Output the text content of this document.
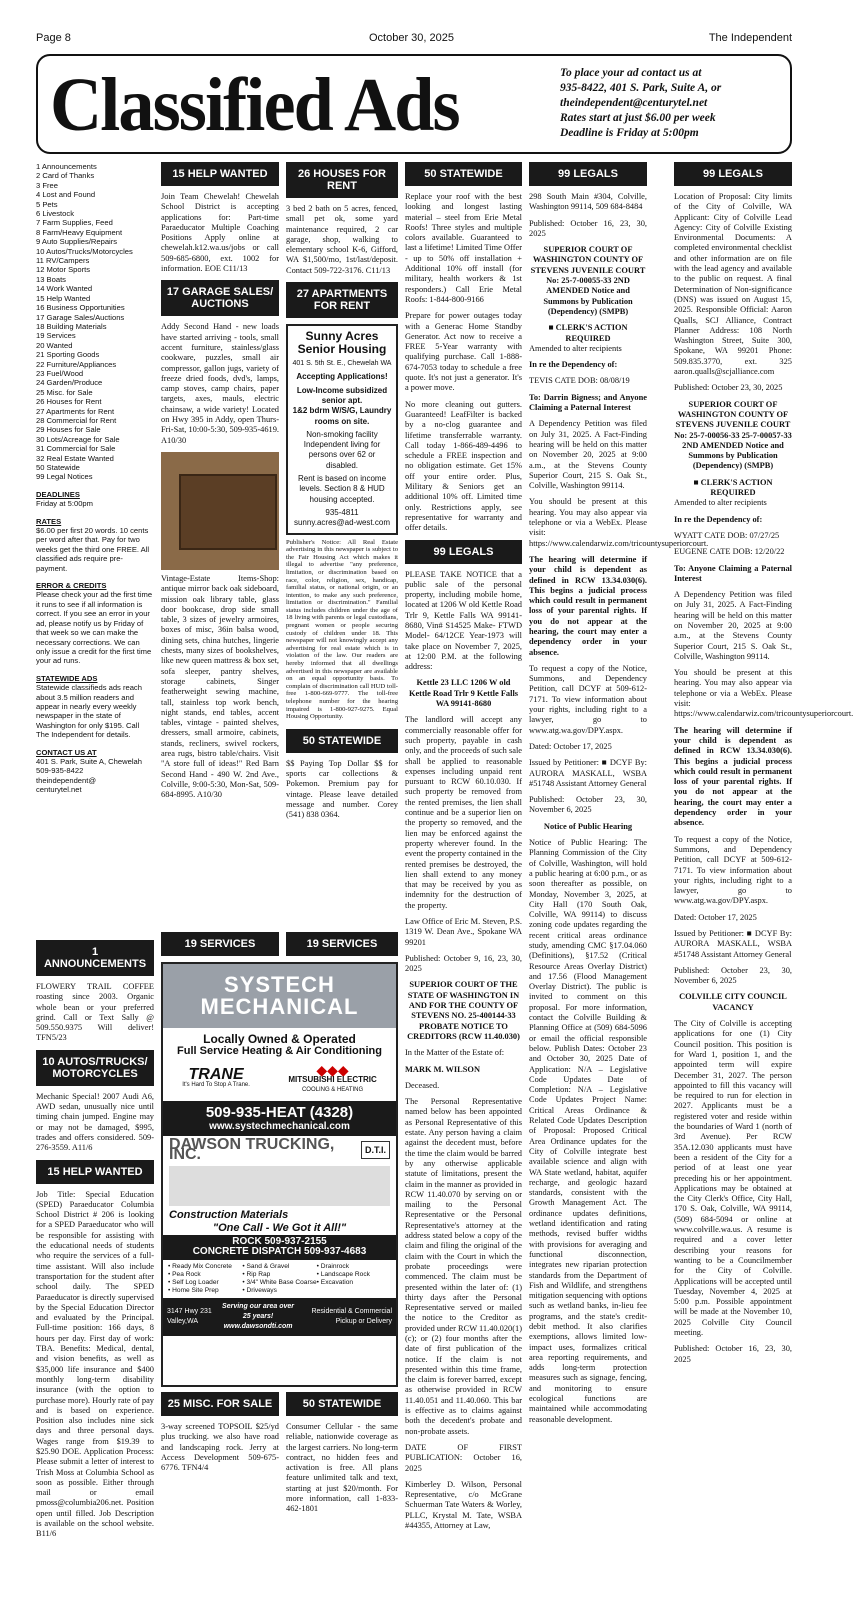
Page 8	October 30, 2025	The Independent
Classified Ads	To place your ad contact us at
935-8422, 401 S. Park, Suite A, or
theindependent@centurytel.net
Rates start at just $6.00 per week
Deadline is Friday at 5:00pm
1 Announcements
2 Card of Thanks
3 Free
4 Lost and Found
5 Pets
6 Livestock
7 Farm Supplies, Feed
8 Farm/Heavy Equipment
9 Auto Supplies/Repairs
10 Autos/Trucks/Motorcycles
11 RV/Campers
12 Motor Sports
13 Boats
14 Work Wanted
15 Help Wanted
16 Business Opportunities
17 Garage Sales/Auctions
18 Building Materials
19 Services
20 Wanted
21 Sporting Goods
22 Furniture/Appliances
23 Fuel/Wood
24 Garden/Produce
25 Misc. for Sale
26 Houses for Rent
27 Apartments for Rent
28 Commercial for Rent
29 Houses for Sale
30 Lots/Acreage for Sale
31 Commercial for Sale
32 Real Estate Wanted
50 Statewide
99 Legal Notices
DEADLINES
Friday at 5:00pm
RATES
$6.00 per first 20 words. 10 cents per word after that. Pay for two weeks get the third one FREE. All classified ads require pre-payment.
ERROR & CREDITS
Please check your ad the first time it runs to see if all information is correct. If you see an error in your ad, please notify us by Friday of that week so we can make the necessary corrections. We can only issue a credit for the first time your ad runs.
STATEWIDE ADS
Statewide classifieds ads reach about 3.5 million readers and appear in nearly every weekly newspaper in the state of Washington for only $195. Call The Independent for details.
CONTACT US AT
401 S. Park, Suite A, Chewelah
509-935-8422
theindependent@
centurytel.net
1 ANNOUNCEMENTS
FLOWERY TRAIL COFFEE roasting since 2003. Organic whole bean or your preferred grind. Call or Text Sally @ 509.550.9375 Will deliver! TFN5/23
10 AUTOS/TRUCKS/ MOTORCYCLES
Mechanic Special! 2007 Audi A6, AWD sedan, unusually nice until timing chain jumped. Engine may or may not be damaged, $995, trades and offers considered. 509-276-3559. A11/6
15 HELP WANTED
Job Title: Special Education (SPED) Paraeducator Columbia School District # 206 is looking for a SPED Paraeducator who will be responsible for assisting with the educational needs of students who require the services of a full-time assistant. Will also include transportation for the student after school daily. The SPED Paraeducator is directly supervised by the Special Education Director and evaluated by the Principal. Full-time position: 166 days, 8 hours per day. First day of work: TBA. Benefits: Medical, dental, and vision benefits, as well as $35,000 life insurance and $400 monthly long-term disability insurance (with the option to purchase more). Hourly rate of pay and is based on experience. Position also includes nine sick days and three personal days. Wages range from $19.39 to $25.90 DOE. Application Process: Please submit a letter of interest to Trish Moss at Columbia School as soon as possible. Either through mail or email pmoss@columbia206.net. Position open until filled. Job Description is available on the school website. B11/6
15 HELP WANTED
Join Team Chewelah! Chewelah School District is accepting applications for: Part-time Paraeducator Multiple Coaching Positions Apply online at chewelah.k12.wa.us/jobs or call 509-685-6800, ext. 1002 for information. EOE C11/13
17 GARAGE SALES/ AUCTIONS
Addy Second Hand - new loads have started arriving - tools, small accent furniture, stainless/glass cookware, puzzles, small air compressor, gallon jugs, variety of freeze dried foods, dvd's, lamps, camp stoves, camp chairs, paper targets, axes, mauls, electric chainsaw, a wide variety! Located on Hwy 395 in Addy, open Thurs-Fri-Sat, 10:00-5:30, 509-935-4619. A10/30
Vintage-Estate Items-Shop: antique mirror back oak sideboard, mission oak library table, glass door bookcase, drop side small table, 3 sizes of jewelry armoires, boxes of misc, 36in balsa wood, dining sets, china hutches, lingerie chests, many sizes of bookshelves, like new queen mattress & box set, sofa sleeper, pantry shelves, storage cabinets, Singer featherweight sewing machine, tall, stainless top work bench, night stands, end tables, accent tables, vintage - painted shelves, dressers, small armoire, cabinets, stands, recliners, swivel rockers, area rugs, bistro table/chairs. Visit "A store full of ideas!" Red Barn Second Hand - 490 W. 2nd Ave., Colville, 9:00-5:30, Mon-Sat, 509-684-8995. A10/30
19 SERVICES	19 SERVICES
SYSTECH MECHANICAL
Locally Owned & Operated
Full Service Heating & Air Conditioning
TRANE
It's Hard To Stop A Trane.
◆◆◆
MITSUBISHI ELECTRIC
COOLING & HEATING
509-935-HEAT (4328)
www.systechmechanical.com
DAWSON TRUCKING, INC.	D.T.I.
Construction Materials
"One Call - We Got it All!"
ROCK 509-937-2155
CONCRETE DISPATCH 509-937-4683
• Ready Mix Concrete	• Sand & Gravel	• Drainrock
• Pea Rock	• Rip Rap	• Landscape Rock
• Self Log Loader	• 3/4" White Base Coarse • Excavation
• Home Site Prep	• Driveways
3147 Hwy 231 Valley,WA
Serving our area over 25 years!
www.dawsondti.com
Residential & Commercial Pickup or Delivery
25 MISC. FOR SALE
3-way screened TOPSOIL $25/yd plus trucking. we also have road and landscaping rock. Jerry at Access Development 509-675-6776. TFN4/4
26 HOUSES FOR RENT
3 bed 2 bath on 5 acres, fenced, small pet ok, some yard maintenance required, 2 car garage, shop, walking to elementary school K-6, Gifford, WA $1,500/mo, 1st/last/deposit. Contact 509-722-3176. C11/13
27 APARTMENTS FOR RENT
Sunny Acres Senior Housing
401 S. 5th St. E., Chewelah WA
Accepting Applications!
Low-Income subsidized senior apt.
1&2 bdrm W/S/G, Laundry rooms on site.
Non-smoking facility Independent living for persons over 62 or disabled.
Rent is based on income levels. Section 8 & HUD housing accepted.
935-4811
sunny.acres@ad-west.com
Publisher's Notice: All Real Estate advertising in this newspaper is subject to the Fair Housing Act which makes it illegal to advertise "any preference, limitation, or discrimination based on race, color, religion, sex, handicap, familial status, or national origin, or an intention, to make any such preference, limitation or discrimination." Familial status includes children under the age of 18 living with parents or legal custodians, pregnant women or people securing custody of children under 18. This newspaper will not knowingly accept any advertising for real estate which is in violation of the law. Our readers are hereby informed that all dwellings advertised in this newspaper are available on an equal opportunity basis. To complain of discrimination call HUD toll-free 1-800-669-9777. The toll-free telephone number for the hearing impaired is 1-800-927-9275. Equal Housing Opportunity.
50 STATEWIDE
$$ Paying Top Dollar $$ for sports car collections & Pokemon. Premium pay for vintage. Please leave detailed message and number. Corey (541) 838 0364.
50 STATEWIDE
Consumer Cellular - the same reliable, nationwide coverage as the largest carriers. No long-term contract, no hidden fees and activation is free. All plans feature unlimited talk and text, starting at just $20/month. For more information, call 1-833-462-1801
50 STATEWIDE
Replace your roof with the best looking and longest lasting material – steel from Erie Metal Roofs! Three styles and multiple colors available. Guaranteed to last a lifetime! Limited Time Offer - up to 50% off installation + Additional 10% off install (for military, health workers & 1st responders.) Call Erie Metal Roofs: 1-844-800-9166
Prepare for power outages today with a Generac Home Standby Generator. Act now to receive a FREE 5-Year warranty with qualifying purchase. Call 1-888-674-7053 today to schedule a free quote. It's not just a generator. It's a power move.
No more cleaning out gutters. Guaranteed! LeafFilter is backed by a no-clog guarantee and lifetime transferrable warranty. Call today 1-866-489-4496 to schedule a FREE inspection and no obligation estimate. Get 15% off your entire order. Plus, Military & Seniors get an additional 10% off. Limited time only. Restrictions apply, see representative for warranty and offer details.
99 LEGALS
PLEASE TAKE NOTICE that a public sale of the personal property, including mobile home, located at 1206 W old Kettle Road Trlr 9, Kettle Falls WA 99141-8680, Vin# S14525 Make- FTWD Model- 64/12CE Year-1973 will take place on November 7, 2025, at 12:00 P.M. at the following address:
Kettle 23 LLC 1206 W old Kettle Road Trlr 9 Kettle Falls WA 99141-8680
The landlord will accept any commercially reasonable offer for such property, payable in cash only, and the proceeds of such sale shall be applied to reasonable expenses including unpaid rent pursuant to RCW 60.10.030. If such property be removed from the rented premises, the lien shall continue and be a superior lien on the property so removed, and the lien may be enforced against the property wherever found. In the event the property contained in the rented premises be destroyed, the lien shall extend to any money that may be received by you as indemnity for the destruction of the property.
Law Office of Eric M. Steven, P.S. 1319 W. Dean Ave., Spokane WA 99201
Published: October 9, 16, 23, 30, 2025
SUPERIOR COURT OF THE STATE OF WASHINGTON IN AND FOR THE COUNTY OF STEVENS NO. 25-400144-33 PROBATE NOTICE TO CREDITORS (RCW 11.40.030)
In the Matter of the Estate of:
MARK M. WILSON
Deceased.
The Personal Representative named below has been appointed as Personal Representative of this estate. Any person having a claim against the decedent must, before the time the claim would be barred by any otherwise applicable statute of limitations, present the claim in the manner as provided in RCW 11.40.070 by serving on or mailing to the Personal Representative or the Personal Representative's attorney at the address stated below a copy of the claim and filing the original of the claim with the Court in which the probate proceedings were commenced. The claim must be presented within the later of: (1) thirty days after the Personal Representative served or mailed the notice to the Creditor as provided under RCW 11.40.020(1)(c); or (2) four months after the date of first publication of the notice. If the claim is not presented within this time frame, the claim is forever barred, except as otherwise provided in RCW 11.40.051 and 11.40.060. This bar is effective as to claims against both the decedent's probate and non-probate assets.
DATE OF FIRST PUBLICATION: October 16, 2025
Kimberley D. Wilson, Personal Representative, c/o McGrane Schuerman Tate Waters & Worley, PLLC, Krystal M. Tate, WSBA #44355, Attorney at Law,
99 LEGALS
298 South Main #304, Colville, Washington 99114, 509 684-8484
Published: October 16, 23, 30, 2025
SUPERIOR COURT OF WASHINGTON COUNTY OF STEVENS JUVENILE COURT No: 25-7-00055-33 2ND AMENDED Notice and Summons by Publication (Dependency) (SMPB)
■ CLERK'S ACTION REQUIRED
Amended to alter recipients
In re the Dependency of:
TEVIS CATE DOB: 08/08/19
To: Darrin Bigness; and Anyone Claiming a Paternal Interest
A Dependency Petition was filed on July 31, 2025. A Fact-Finding hearing will be held on this matter on November 20, 2025 at 9:00 a.m., at the Stevens County Superior Court, 215 S. Oak St., Colville, Washington 99114.
You should be present at this hearing. You may also appear via telephone or via a WebEx. Please visit: https://www.calendarwiz.com/tricountysuperiorcourt.
The hearing will determine if your child is dependent as defined in RCW 13.34.030(6). This begins a judicial process which could result in permanent loss of your parental rights. If you do not appear at the hearing, the court may enter a dependency order in your absence.
To request a copy of the Notice, Summons, and Dependency Petition, call DCYF at 509-612-7171. To view information about your rights, including right to a lawyer, go to www.atg.wa.gov/DPY.aspx.
Dated: October 17, 2025
Issued by Petitioner: ■ DCYF By: AURORA MASKALL, WSBA #51748 Assistant Attorney General
Published: October 23, 30, November 6, 2025
Notice of Public Hearing
Notice of Public Hearing: The Planning Commission of the City of Colville, Washington, will hold a public hearing at 6:00 p.m., or as soon thereafter as possible, on Monday, November 3, 2025, at City Hall (170 South Oak, Colville, WA 99114) to discuss zoning code updates regarding the recent critical areas ordinance study, amending CMC §17.04.060 (Definitions), §17.52 (Critical Resource Areas Overlay District) and 17.56 (Flood Management Overlay District). The public is invited to comment on this proposal. For more information, contact the Colville Building & Planning Office at (509) 684-5096 or email the official responsible below. Publish Dates: October 23 and October 30, 2025 Date of Application: N/A – Legislative Code Updates Date of Completion: N/A – Legislative Code Updates Project Name: Critical Areas Ordinance & Related Code Updates Description of Proposal: Proposed Critical Area Ordinance updates for the City of Colville integrate best available science and align with WA State wetland, habitat, aquifer recharge, and geologic hazard standards, consistent with the Growth Management Act. The ordinance updates definitions, wetland identification and rating methods, revised buffer widths with provisions for averaging and functional disconnection, integrates new riparian protection standards from the Department of Fish and Wildlife, and strengthens mitigation sequencing with options such as wetland banks, in-lieu fee programs, and the state's credit-debit method. It also clarifies exemptions, allows limited low-impact uses, formalizes critical area reporting requirements, and adds long-term protection measures such as signage, fencing, and monitoring to ensure ecological functions are maintained while accommodating reasonable development.
99 LEGALS
Location of Proposal: City limits of the City of Colville, WA Applicant: City of Colville Lead Agency: City of Colville Existing Environmental Documents: A completed environmental checklist and other information are on file with the lead agency and available to the public on request. A final Determination of Non-significance (DNS) was issued on August 15, 2025. Responsible Official: Aaron Qualls, SCJ Alliance, Contract Planner Address: 108 North Washington Street, Suite 300, Spokane, WA 99201 Phone: 509.835.3770, ext. 325 aaron.qualls@scjalliance.com
Published: October 23, 30, 2025
SUPERIOR COURT OF WASHINGTON COUNTY OF STEVENS JUVENILE COURT No: 25-7-00056-33 25-7-00057-33 2ND AMENDED Notice and Summons by Publication (Dependency) (SMPB)
■ CLERK'S ACTION REQUIRED
Amended to alter recipients
In re the Dependency of:
WYATT CATE DOB: 07/27/25
EUGENE CATE DOB: 12/20/22
To: Anyone Claiming a Paternal Interest
A Dependency Petition was filed on July 31, 2025. A Fact-Finding hearing will be held on this matter on November 20, 2025 at 9:00 a.m., at the Stevens County Superior Court, 215 S. Oak St., Colville, Washington 99114.
You should be present at this hearing. You may also appear via telephone or via a WebEx. Please visit: https://www.calendarwiz.com/tricountysuperiorcourt.
The hearing will determine if your child is dependent as defined in RCW 13.34.030(6). This begins a judicial process which could result in permanent loss of your parental rights. If you do not appear at the hearing, the court may enter a dependency order in your absence.
To request a copy of the Notice, Summons, and Dependency Petition, call DCYF at 509-612-7171. To view information about your rights, including right to a lawyer, go to www.atg.wa.gov/DPY.aspx.
Dated: October 17, 2025
Issued by Petitioner: ■ DCYF By: AURORA MASKALL, WSBA #51748 Assistant Attorney General
Published: October 23, 30, November 6, 2025
COLVILLE CITY COUNCIL VACANCY
The City of Colville is accepting applications for one (1) City Council position. This position is for Ward 1, position 1, and the appointed term will expire December 31, 2027. The person appointed to fill this vacancy will be required to run for election in 2027. Applicants must be a registered voter and reside within the boundaries of Ward 1 (north of 3rd Avenue). Per RCW 35A.12.030 applicants must have been a resident of the City for a period of at least one year preceding his or her appointment. Applications may be obtained at the City Clerk's Office, City Hall, 170 S. Oak, Colville, WA 99114, (509) 684-5094 or online at www.colville.wa.us. A resume is required and a cover letter describing your reasons for wanting to be a Councilmember for the City of Colville. Applications will be accepted until Tuesday, November 4, 2025 at 5:00 p.m. Possible appointment will be made at the November 10, 2025 Colville City Council meeting.
Published: October 16, 23, 30, 2025
